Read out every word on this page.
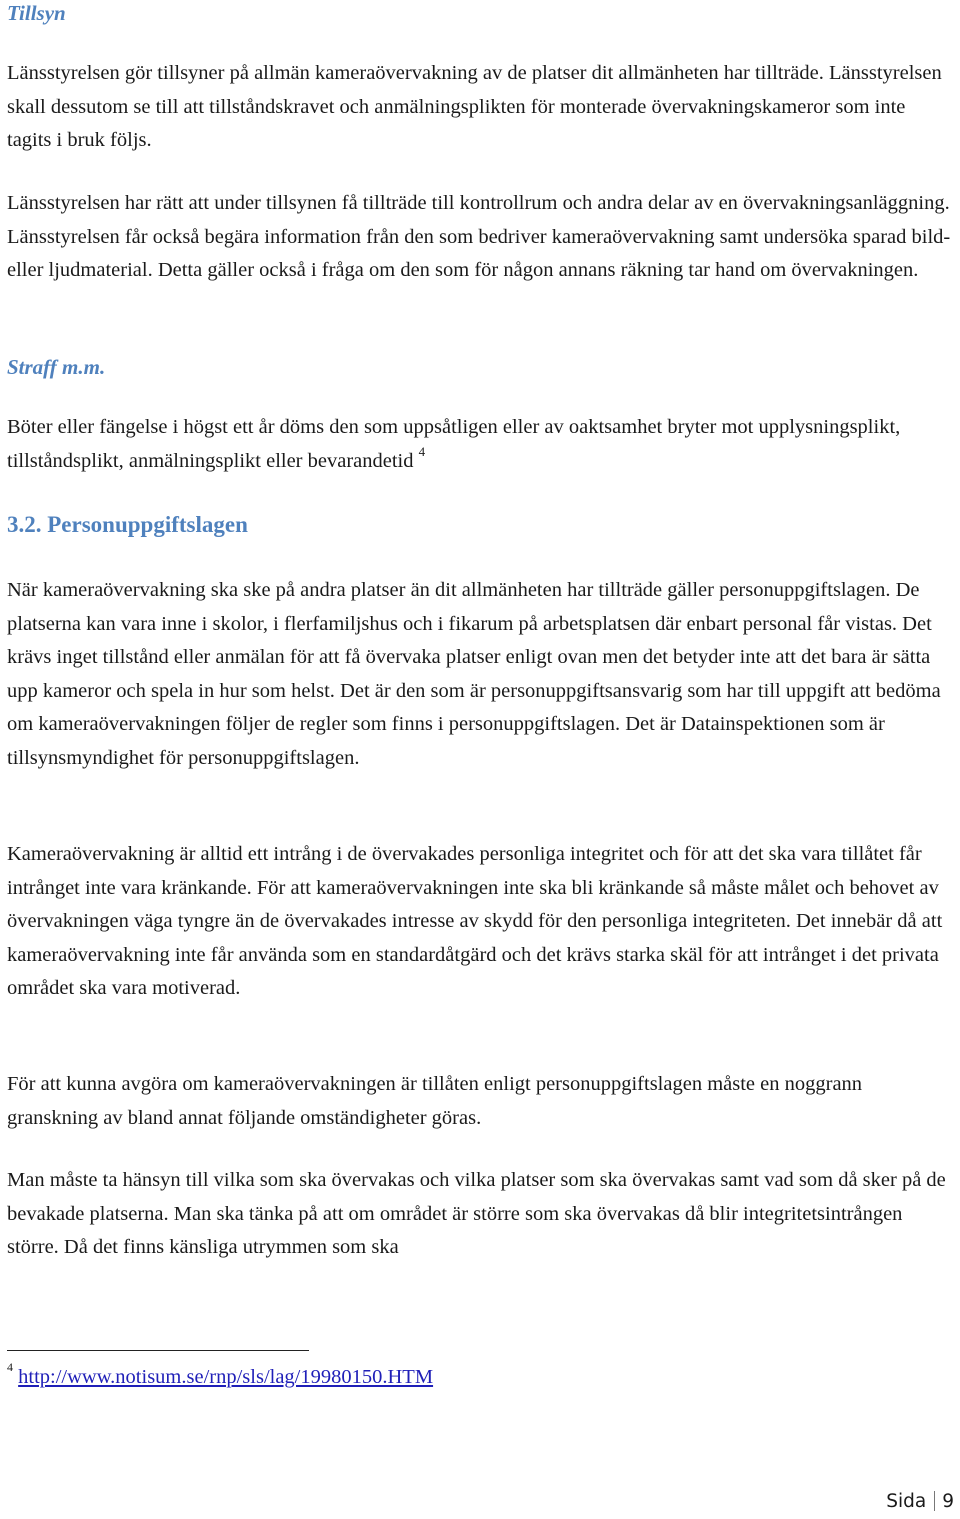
Tillsyn

Länsstyrelsen gör tillsyner på allmän kameraövervakning av de platser dit allmänheten har tillträde. Länsstyrelsen skall dessutom se till att tillståndskravet och anmälningsplikten för monterade övervakningskameror som inte tagits i bruk följs.

Länsstyrelsen har rätt att under tillsynen få tillträde till kontrollrum och andra delar av en övervakningsanläggning. Länsstyrelsen får också begära information från den som bedriver kameraövervakning samt undersöka sparad bild- eller ljudmaterial. Detta gäller också i fråga om den som för någon annans räkning tar hand om övervakningen.

Straff m.m.

Böter eller fängelse i högst ett år döms den som uppsåtligen eller av oaktsamhet bryter mot upplysningsplikt, tillståndsplikt, anmälningsplikt eller bevarandetid $^4$

3.2. Personuppgiftslagen

När kameraövervakning ska ske på andra platser än dit allmänheten har tillträde gäller personuppgiftslagen. De platserna kan vara inne i skolor, i flerfamiljshus och i fikarum på arbetsplatsen där enbart personal får vistas. Det krävs inget tillstånd eller anmälan för att få övervaka platser enligt ovan men det betyder inte att det bara är sätta upp kameror och spela in hur som helst. Det är den som är personuppgiftsansvarig som har till uppgift att bedöma om kameraövervakningen följer de regler som finns i personuppgiftslagen. Det är Datainspektionen som är tillsynsmyndighet för personuppgiftslagen.

Kameraövervakning är alltid ett intrång i de övervakades personliga integritet och för att det ska vara tillåtet får intrånget inte vara kränkande. För att kameraövervakningen inte ska bli kränkande så måste målet och behovet av övervakningen väga tyngre än de övervakades intresse av skydd för den personliga integriteten. Det innebär då att kameraövervakning inte får använda som en standardåtgärd och det krävs starka skäl för att intrånget i det privata området ska vara motiverad.

För att kunna avgöra om kameraövervakningen är tillåten enligt personuppgiftslagen måste en noggrann granskning av bland annat följande omständigheter göras.

Man måste ta hänsyn till vilka som ska övervakas och vilka platser som ska övervakas samt vad som då sker på de bevakade platserna. Man ska tänka på att om området är större som ska övervakas då blir integritetsintrången större. Då det finns känsliga utrymmen som ska

$^4$ http://www.notisum.se/rnp/sls/lag/19980150.HTM
Sida 9
